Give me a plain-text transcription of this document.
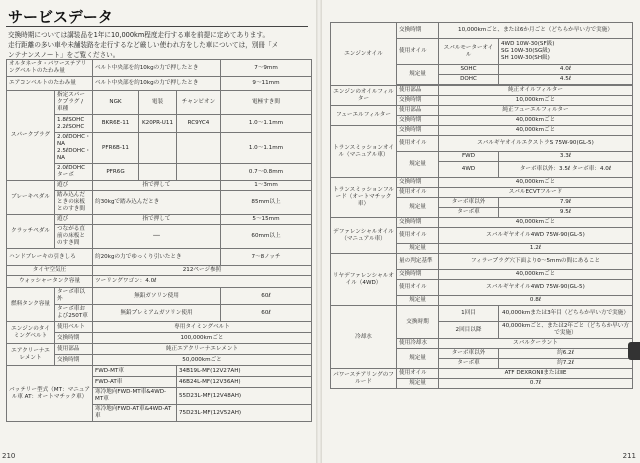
サービスデータ
交換時期については講装品を1年に10,000km程度走行する車を前提に定めてあります。
走行距離の多い車や未舗装路を走行するなど厳しい使われ方をした車については，別冊「メ
ンテナンスノート」をご覧ください。
オルタネータ・パワーステアリングベルトのたわみ量		ベルト中央部を約10kgの力で押したとき			7〜9mm
エアコンベルトのたわみ量		ベルト中央部を約10kgの力で押したとき			9〜11mm
スパークプラグ	指定スパークプラグ / 車種	NGK	電装	チャンピオン	電極すき間
	1.8ℓSOHC 2.2ℓSOHC	BKR6E-11	K20PR-U11	RC9YC4	1.0〜1.1mm
	2.0ℓDOHC・NA 2.5ℓDOHC・NA	PFR6B-11			1.0〜1.1mm
	2.0ℓDOHCターボ	PFR6G			0.7〜0.8mm
ブレーキペダル	遊び	指で押して			1〜3mm
	踏み込んだときの床板とのすき間	約30kgで踏み込んだとき			85mm以上
クラッチペダル	遊び	指で押して			5〜15mm
	つながる直前の床板とのすき間	──			60mm以上
ハンドブレーキの引きしろ		約20kgの力でゆっくり引いたとき			7〜8ノッチ
タイヤ空気圧		212ページ参照			
ウォッシャータンク容量		ツーリングワゴン：4.0ℓ			
燃料タンク容量	ターボ車以外	無鉛ガソリン使用			60ℓ
	ターボ車および250T車	無鉛プレミアムガソリン使用			60ℓ
エンジンのタイミングベルト	使用ベルト	専用タイミングベルト			
	交換時期	100,000kmごと			
エアクリーナエレメント	使用部品	純正エアクリーナエレメント			
	交換時期	50,000kmごと			
バッテリー型式（MT：マニュアル車 AT：オートマチック車）		FWD-MT車		34B19L-MF(12V27AH)	
		FWD-AT車		46B24L-MF(12V36AH)	
		寒冷地向FWD-MT車&4WD-MT車		55D23L-MF(12V48AH)	
		寒冷地向FWD-AT車&4WD-AT車		75D23L-MF(12V52AH)	
210
エンジンオイル	交換時期	10,000kmごと、または6か月ごと（どちらか早い方で実施）	
	使用オイル	スバルモーターオイル	4WD 10W-30(SF級)
SG 10W-30(SG級)
SH 10W-30(SH級)

	規定量	SOHC	4.0ℓ
		DOHC	4.5ℓ

エンジンのオイルフィルター	使用部品	純正オイルフィルター	
	交換時期	10,000kmごと	
フューエルフィルター	使用部品	純正フューエルフィルター	
	交換時期	40,000kmごと	
トランスミッションオイル（マニュアル車）	交換時期	40,000kmごと	
	使用オイル	スバルギヤオイルエクストラS 75W-90(GL-5)	
	規定量	FWD	3.3ℓ
		4WD	ターボ車以外：3.5ℓ ターボ車：4.0ℓ
トランスミッションフルード（オートマチック車）	交換時期	40,000kmごと	
	使用オイル	スバルECVTフルード	
	規定量	ターボ車以外	7.9ℓ
		ターボ車	9.5ℓ
デファレンシャルオイル（マニュアル車）	交換時期	40,000kmごと	
	使用オイル	スバルギヤオイル4WD 75W-90(GL-5)	
	規定量	1.2ℓ	
リヤデファレンシャルオイル（4WD）	量の判定基準	フィラープラグ穴下面より0〜5mmの間にあること	
	交換時期	40,000kmごと	
	使用オイル	スバルギヤオイル4WD 75W-90(GL-5)	
	規定量	0.8ℓ	
冷却水	交換時期	1回目	40,000kmまたは3年目（どちらか早い方で実施）
		2回目以降	40,000kmごと、または2年ごと（どちらか早い方で実施）
	使用冷却水	スバルクーラント	
	規定量	ターボ車以外	約6.2ℓ
		ターボ車	約7.2ℓ
パワーステアリングのフルード	使用オイル	ATF DEXRONⅡまたはⅡE	
	規定量	0.7ℓ	
211
